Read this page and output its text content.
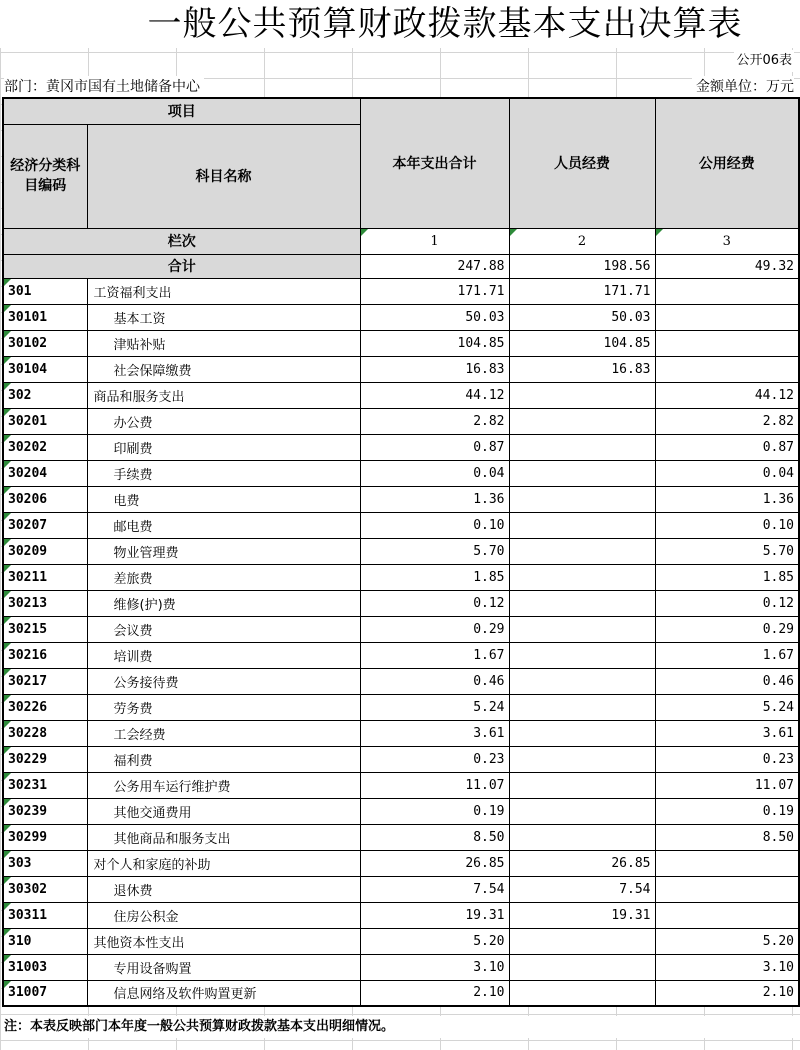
一般公共预算财政拨款基本支出决算表
公开06表
部门：黄冈市国有土地储备中心	金额单位：万元
项目		本年支出合计	人员经费	公用经费
经济分类科目编码	科目名称			

栏次		1	2	3
合计		247.88	198.56	49.32
301	工资福利支出	171.71	171.71	
30101	基本工资	50.03	50.03	
30102	津贴补贴	104.85	104.85	
30104	社会保障缴费	16.83	16.83	
302	商品和服务支出	44.12		44.12
30201	办公费	2.82		2.82
30202	印刷费	0.87		0.87
30204	手续费	0.04		0.04
30206	电费	1.36		1.36
30207	邮电费	0.10		0.10
30209	物业管理费	5.70		5.70
30211	差旅费	1.85		1.85
30213	维修(护)费	0.12		0.12
30215	会议费	0.29		0.29
30216	培训费	1.67		1.67
30217	公务接待费	0.46		0.46
30226	劳务费	5.24		5.24
30228	工会经费	3.61		3.61
30229	福利费	0.23		0.23
30231	公务用车运行维护费	11.07		11.07
30239	其他交通费用	0.19		0.19
30299	其他商品和服务支出	8.50		8.50
303	对个人和家庭的补助	26.85	26.85	
30302	退休费	7.54	7.54	
30311	住房公积金	19.31	19.31	
310	其他资本性支出	5.20		5.20
31003	专用设备购置	3.10		3.10
31007	信息网络及软件购置更新	2.10		2.10
注：本表反映部门本年度一般公共预算财政拨款基本支出明细情况。
